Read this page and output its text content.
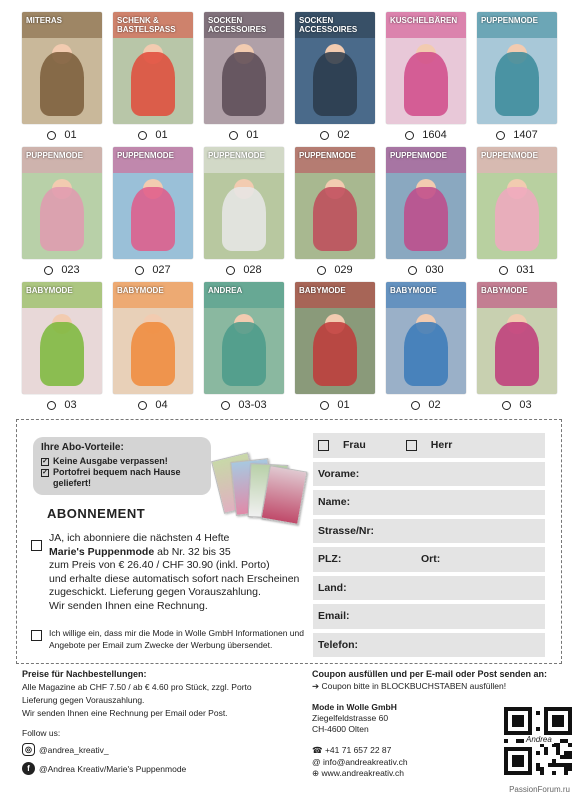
MITERAS
01
SCHENK & BASTELSPASS
01
SOCKEN ACCESSOIRES
01
SOCKEN ACCESSOIRES
02
KUSCHELBÄREN
1604
PUPPENMODE
1407
PUPPENMODE
023
PUPPENMODE
027
PUPPENMODE
028
PUPPENMODE
029
PUPPENMODE
030
PUPPENMODE
031
BABYMODE
03
BABYMODE
04
ANDREA
03-03
BABYMODE
01
BABYMODE
02
BABYMODE
03
Ihre Abo-Vorteile:
✓ Keine Ausgabe verpassen!
✓ Portofrei bequem nach Hause geliefert!
ABONNEMENT
JA, ich abonniere die nächsten 4 Hefte
Marie's Puppenmode ab Nr. 32 bis 35
zum Preis von € 26.40 / CHF 30.90 (inkl. Porto)
und erhalte diese automatisch sofort nach Erscheinen
zugeschickt. Lieferung gegen Vorauszahlung.
Wir senden Ihnen eine Rechnung.
Ich willige ein, dass mir die Mode in Wolle GmbH Informationen und Angebote per Email zum Zwecke der Werbung übersendet.
Frau	Herr
Vorame:
Name:
Strasse/Nr:
PLZ:	Ort:
Land:
Email:
Telefon:
Preise für Nachbestellungen:
Alle Magazine ab CHF 7.50 / ab € 4.60 pro Stück, zzgl. Porto
Lieferung gegen Vorauszahlung.
Wir senden Ihnen eine Rechnung per Email oder Post.
Follow us:
◎ @andrea_kreativ_
f	@Andrea Kreativ/Marie's Puppenmode
Coupon ausfüllen und per E-mail oder Post senden an:
➔ Coupon bitte in BLOCKBUCHSTABEN ausfüllen!
Mode in Wolle GmbH
Ziegelfeldstrasse 60
CH-4600 Olten
☎ +41 71 657 22 87
@ info@andreakreativ.ch
⊕ www.andreakreativ.ch
Andrea
PassionForum.ru
